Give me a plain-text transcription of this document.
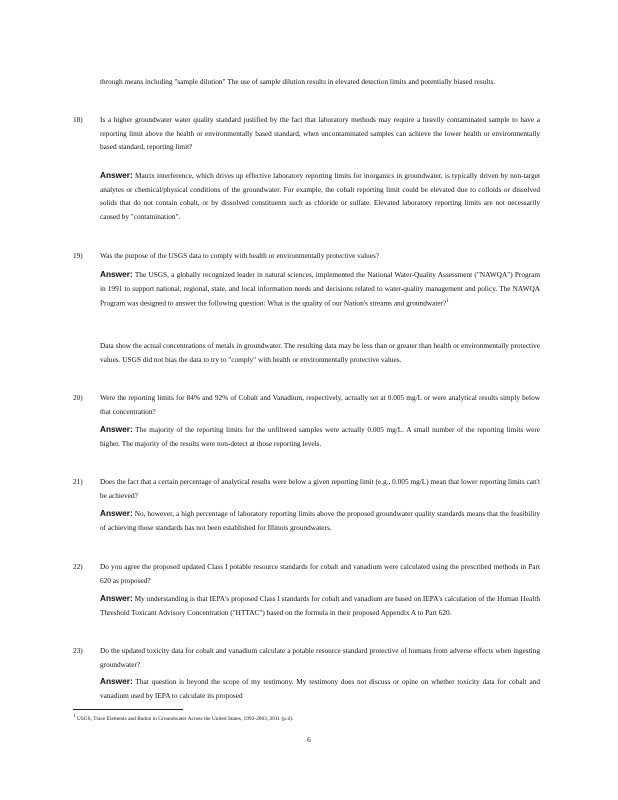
through means including "sample dilution" The use of sample dilution results in elevated detection limits and potentially biased results.

18) Is a higher groundwater water quality standard justified by the fact that laboratory methods may require a heavily contaminated sample to have a reporting limit above the health or environmentally based standard, when uncontaminated samples can achieve the lower health or environmentally based standard, reporting limit?

Answer: Matrix interference, which drives up effective laboratory reporting limits for inorganics in groundwater, is typically driven by non-target analytes or chemical/physical conditions of the groundwater. For example, the cobalt reporting limit could be elevated due to colloids or dissolved solids that do not contain cobalt, or by dissolved constituents such as chloride or sulfate. Elevated laboratory reporting limits are not necessarily caused by "contamination".

19) Was the purpose of the USGS data to comply with health or environmentally protective values?

Answer: The USGS, a globally recognized leader in natural sciences, implemented the National Water-Quality Assessment ("NAWQA") Program in 1991 to support national, regional, state, and local information needs and decisions related to water-quality management and policy. The NAWQA Program was designed to answer the following question: What is the quality of our Nation's streams and groundwater?$^1$

Data show the actual concentrations of metals in groundwater. The resulting data may be less than or greater than health or environmentally protective values. USGS did not bias the data to try to "comply" with health or environmentally protective values.

20) Were the reporting limits for 84% and 92% of Cobalt and Vanadium, respectively, actually set at 0.005 mg/L or were analytical results simply below that concentration?

Answer: The majority of the reporting limits for the unfiltered samples were actually 0.005 mg/L. A small number of the reporting limits were higher. The majority of the results were non-detect at those reporting levels.

21) Does the fact that a certain percentage of analytical results were below a given reporting limit (e.g., 0.005 mg/L) mean that lower reporting limits can't be achieved?

Answer: No, however, a high percentage of laboratory reporting limits above the proposed groundwater quality standards means that the feasibility of achieving those standards has not been established for Illinois groundwaters.

22) Do you agree the proposed updated Class I potable resource standards for cobalt and vanadium were calculated using the prescribed methods in Part 620 as proposed?

Answer: My understanding is that IEPA's proposed Class I standards for cobalt and vanadium are based on IEPA's calculation of the Human Health Threshold Toxicant Advisory Concentration ("HTTAC") based on the formula in their proposed Appendix A to Part 620.

23) Do the updated toxicity data for cobalt and vanadium calculate a potable resource standard protective of humans from adverse effects when ingesting groundwater?

Answer: That question is beyond the scope of my testimony. My testimony does not discuss or opine on whether toxicity data for cobalt and vanadium used by IEPA to calculate its proposed

1 USGS, Trace Elements and Radon in Groundwater Across the United States, 1992-2003, 2011 (p.ii).
6
